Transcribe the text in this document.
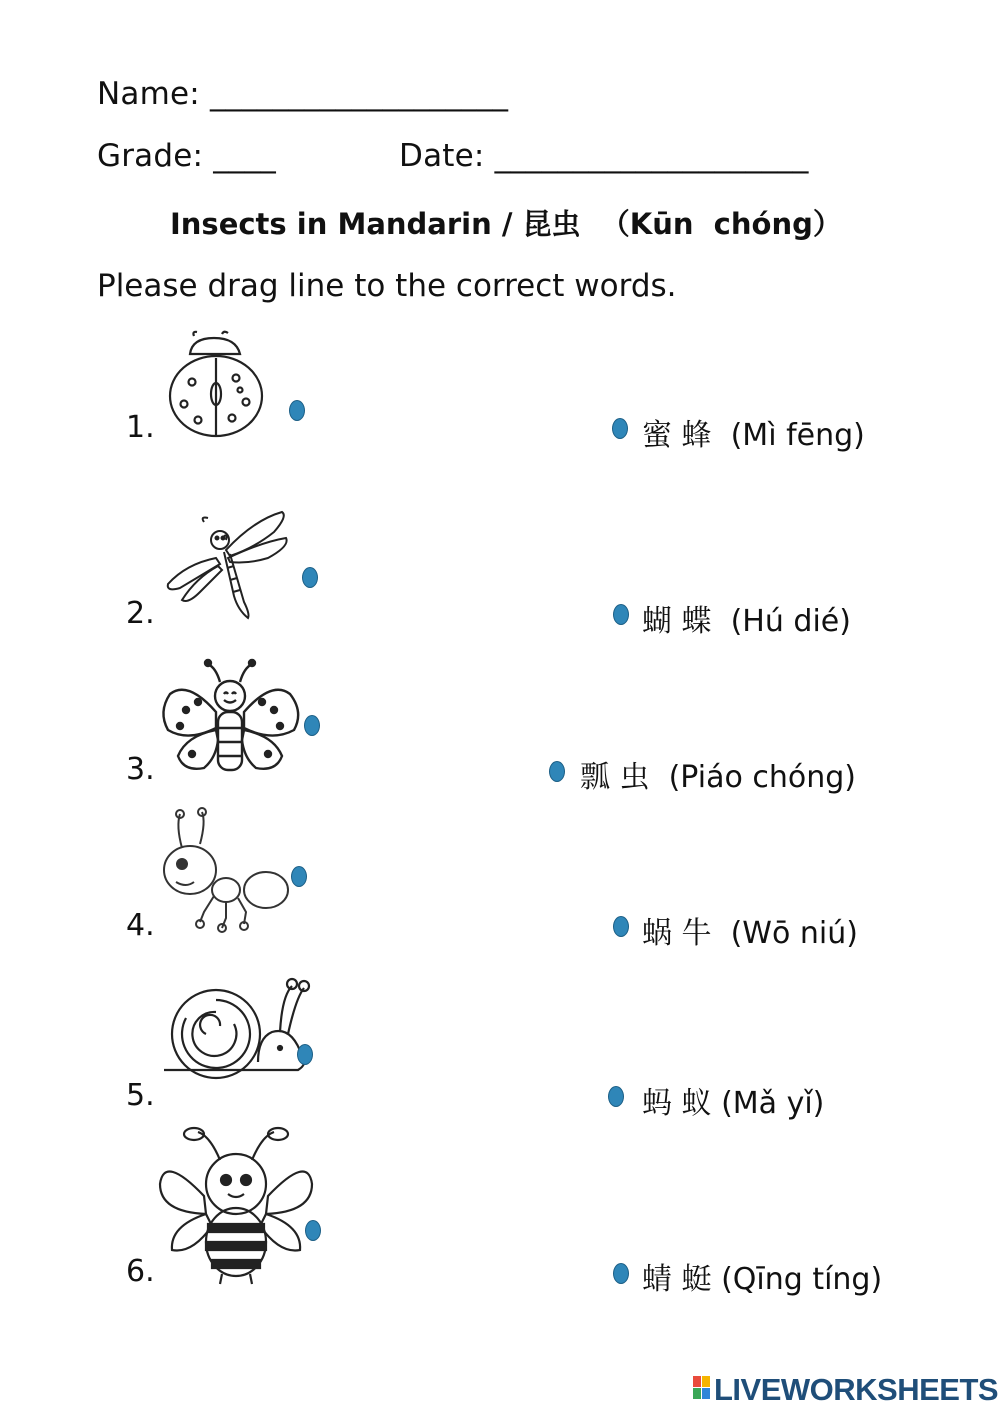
Name: ___________________
Grade: ____	Date: ____________________
Insects in Mandarin / 昆虫  （Kūn  chóng）
Please drag line to the correct words.
1.
2.
3.
4.
5.
6.
蜜 蜂  (Mì fēng)
蝴 蝶  (Hú dié)
瓢 虫  (Piáo chóng)
蜗 牛  (Wō niú)
蚂 蚁 (Mǎ yǐ)
蜻 蜓 (Qīng tíng)
LIVEWORKSHEETS
